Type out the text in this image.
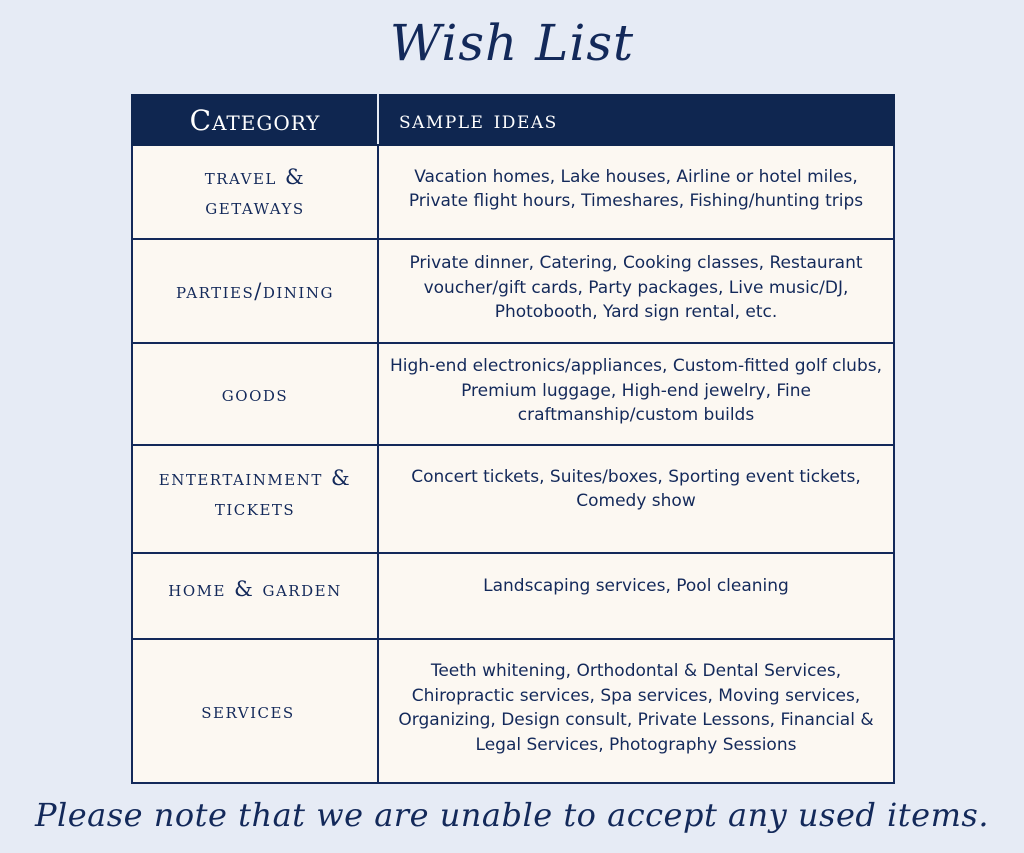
Wish List
Category	sample ideas

travel & getaways	Vacation homes, Lake houses, Airline or hotel miles, Private flight hours, Timeshares, Fishing/hunting trips

parties/dining	Private dinner, Catering, Cooking classes, Restaurant voucher/gift cards, Party packages, Live music/DJ, Photobooth, Yard sign rental, etc.

goods	High-end electronics/appliances, Custom-fitted golf clubs, Premium luggage, High-end jewelry, Fine craftmanship/custom builds

entertainment & tickets	Concert tickets, Suites/boxes, Sporting event tickets, Comedy show

home & garden	Landscaping services, Pool cleaning

services	Teeth whitening, Orthodontal & Dental Services, Chiropractic services, Spa services, Moving services, Organizing, Design consult, Private Lessons, Financial & Legal Services, Photography Sessions
Please note that we are unable to accept any used items.
